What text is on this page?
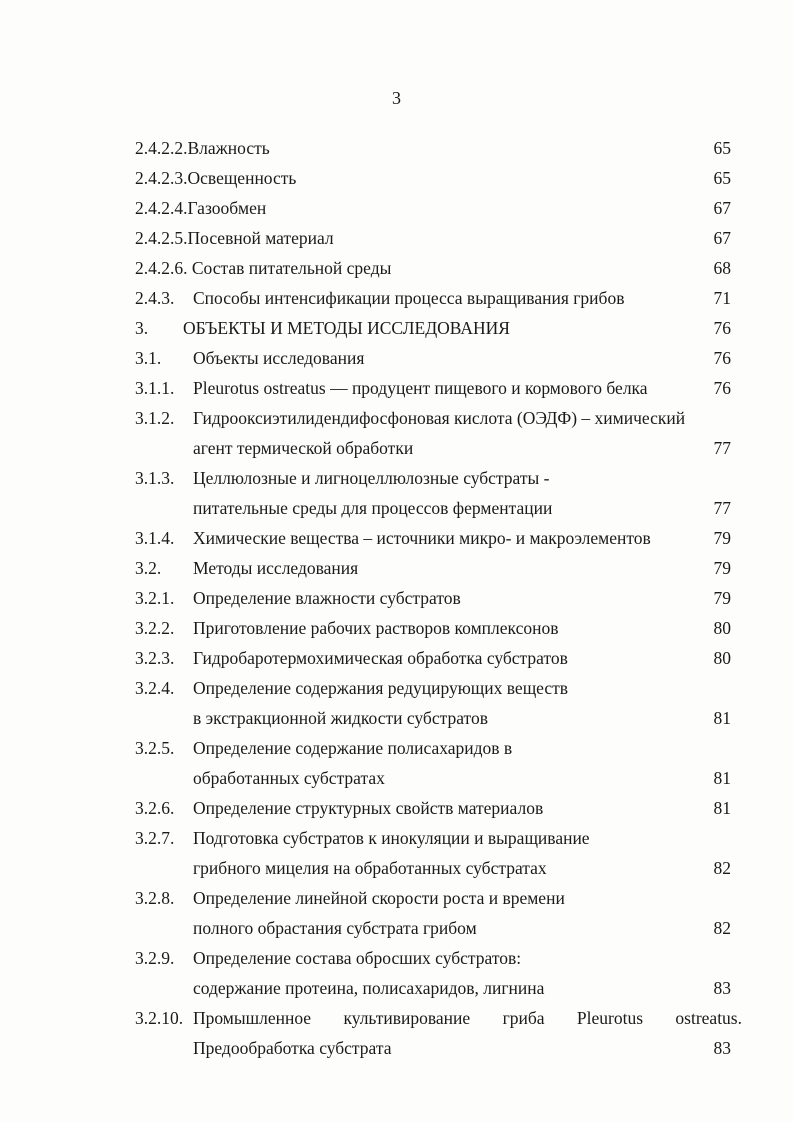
3
2.4.2.2.Влажность	65
2.4.2.3.Освещенность	65
2.4.2.4.Газообмен	67
2.4.2.5.Посевной материал	67
2.4.2.6. Состав питательной среды	68
2.4.3. Способы интенсификации процесса выращивания грибов	71
3. ОБЪЕКТЫ И МЕТОДЫ ИССЛЕДОВАНИЯ	76
3.1. Объекты исследования	76
3.1.1. Pleurotus ostreatus — продуцент пищевого и кормового белка	76
3.1.2. Гидрооксиэтилидендифосфоновая кислота (ОЭДФ) – химический
агент термической обработки	77
3.1.3. Целлюлозные и лигноцеллюлозные субстраты -
питательные среды для процессов ферментации	77
3.1.4. Химические вещества – источники микро- и макроэлементов	79
3.2. Методы исследования	79
3.2.1. Определение влажности субстратов	79
3.2.2. Приготовление рабочих растворов комплексонов	80
3.2.3. Гидробаротермохимическая обработка субстратов	80
3.2.4. Определение содержания редуцирующих веществ
в экстракционной жидкости субстратов	81
3.2.5. Определение содержание полисахаридов в
обработанных субстратах	81
3.2.6. Определение структурных свойств материалов	81
3.2.7. Подготовка субстратов к инокуляции и выращивание
грибного мицелия на обработанных субстратах	82
3.2.8. Определение линейной скорости роста и времени
полного обрастания субстрата грибом	82
3.2.9. Определение состава обросших субстратов:
содержание протеина, полисахаридов, лигнина	83
3.2.10. Промышленное культивирование гриба Pleurotus ostreatus.
Предообработка субстрата	83
